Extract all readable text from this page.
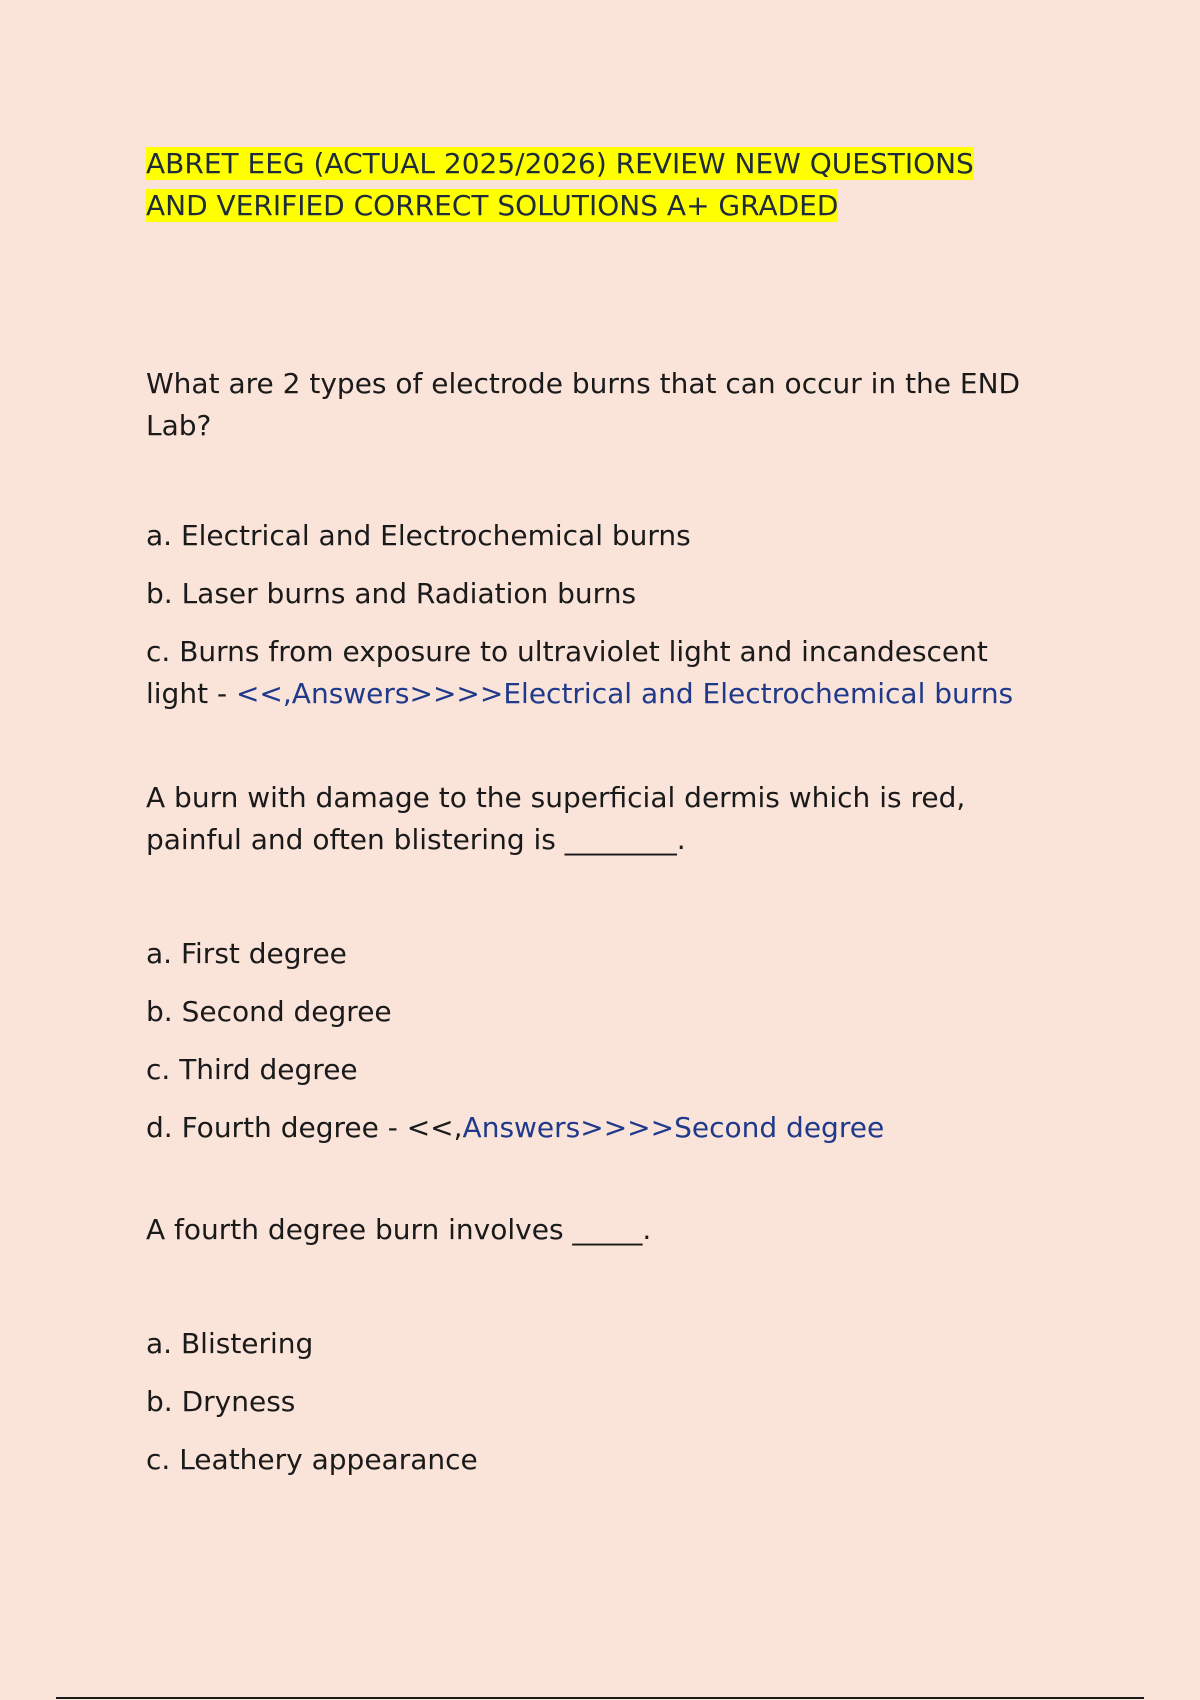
ABRET EEG (ACTUAL 2025/2026) REVIEW NEW QUESTIONS
AND VERIFIED CORRECT SOLUTIONS A+ GRADED
What are 2 types of electrode burns that can occur in the END
Lab?

a. Electrical and Electrochemical burns

b. Laser burns and Radiation burns

c. Burns from exposure to ultraviolet light and incandescent
light - <<,Answers>>>>Electrical and Electrochemical burns

A burn with damage to the superficial dermis which is red,
painful and often blistering is ________.

a. First degree

b. Second degree

c. Third degree

d. Fourth degree - <<,Answers>>>>Second degree

A fourth degree burn involves _____.

a. Blistering

b. Dryness

c. Leathery appearance
